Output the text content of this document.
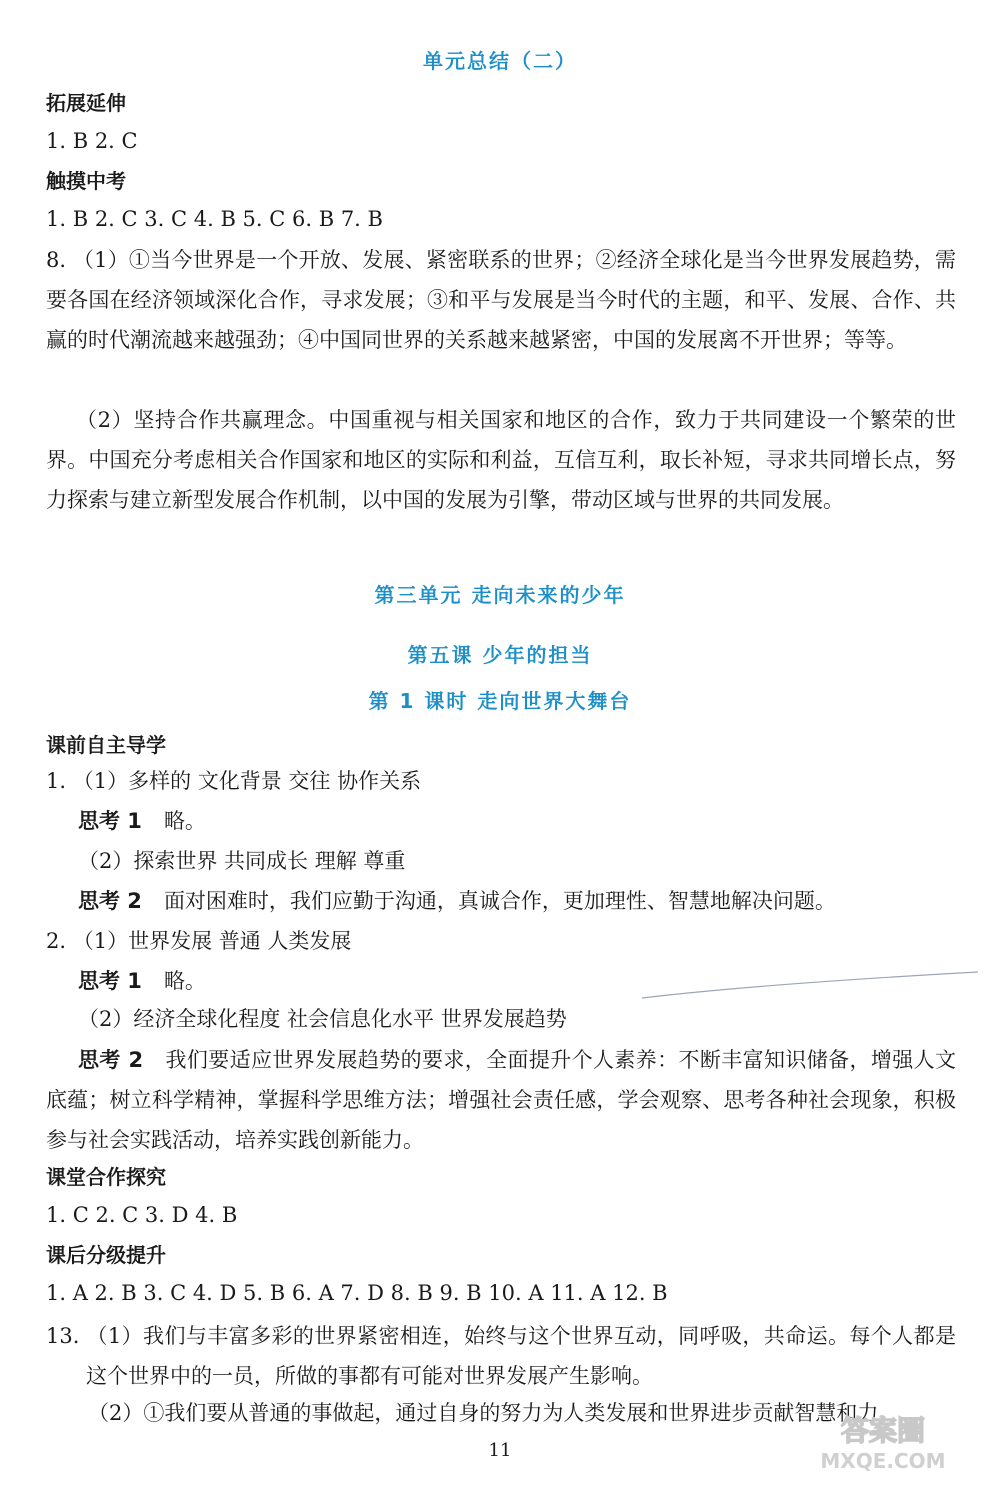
单元总结（二）
拓展延伸
1. B 2. C
触摸中考
1. B 2. C 3. C 4. B 5. C 6. B 7. B
8. （1）①当今世界是一个开放、发展、紧密联系的世界；②经济全球化是当今世界发展趋势，需要各国在经济领域深化合作，寻求发展；③和平与发展是当今时代的主题，和平、发展、合作、共赢的时代潮流越来越强劲；④中国同世界的关系越来越紧密，中国的发展离不开世界；等等。
（2）坚持合作共赢理念。中国重视与相关国家和地区的合作，致力于共同建设一个繁荣的世界。中国充分考虑相关合作国家和地区的实际和利益，互信互利，取长补短，寻求共同增长点，努力探索与建立新型发展合作机制，以中国的发展为引擎，带动区域与世界的共同发展。
第三单元 走向未来的少年
第五课 少年的担当
第 1 课时 走向世界大舞台
课前自主导学
1. （1）多样的 文化背景 交往 协作关系
思考 1 略。
（2）探索世界 共同成长 理解 尊重
思考 2 面对困难时，我们应勤于沟通，真诚合作，更加理性、智慧地解决问题。
2. （1）世界发展 普通 人类发展
思考 1 略。
（2）经济全球化程度 社会信息化水平 世界发展趋势
思考 2 我们要适应世界发展趋势的要求，全面提升个人素养：不断丰富知识储备，增强人文底蕴；树立科学精神，掌握科学思维方法；增强社会责任感，学会观察、思考各种社会现象，积极参与社会实践活动，培养实践创新能力。
课堂合作探究
1. C 2. C 3. D 4. B
课后分级提升
1. A 2. B 3. C 4. D 5. B 6. A 7. D 8. B 9. B 10. A 11. A 12. B
13. （1）我们与丰富多彩的世界紧密相连，始终与这个世界互动，同呼吸，共命运。每个人都是这个世界中的一员，所做的事都有可能对世界发展产生影响。
（2）①我们要从普通的事做起，通过自身的努力为人类发展和世界进步贡献智慧和力
11
答案圈
MXQE.COM
